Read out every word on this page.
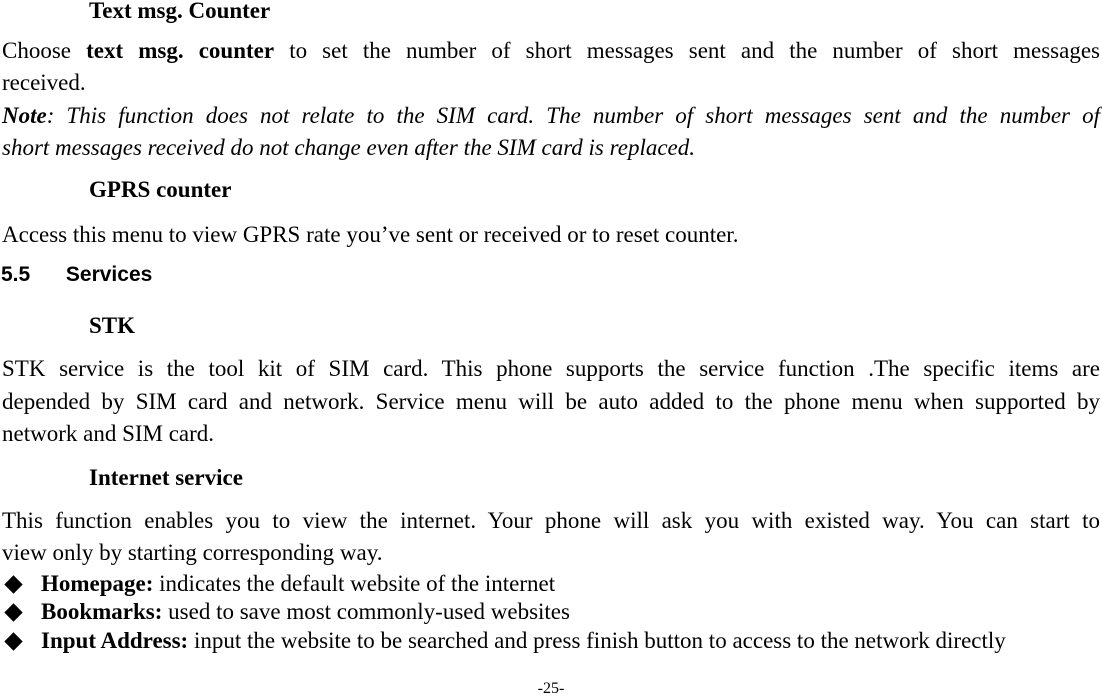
Text msg. Counter
Choose text msg. counter to set the number of short messages sent and the number of short messages
received.
Note: This function does not relate to the SIM card. The number of short messages sent and the number of
short messages received do not change even after the SIM card is replaced.
GPRS counter
Access this menu to view GPRS rate you’ve sent or received or to reset counter.
5.5 Services
STK
STK service is the tool kit of SIM card. This phone supports the service function .The specific items are
depended by SIM card and network. Service menu will be auto added to the phone menu when supported by
network and SIM card.
Internet service
This function enables you to view the internet. Your phone will ask you with existed way. You can start to
view only by starting corresponding way.
Homepage: indicates the default website of the internet
Bookmarks: used to save most commonly-used websites
Input Address: input the website to be searched and press finish button to access to the network directly
-25-
